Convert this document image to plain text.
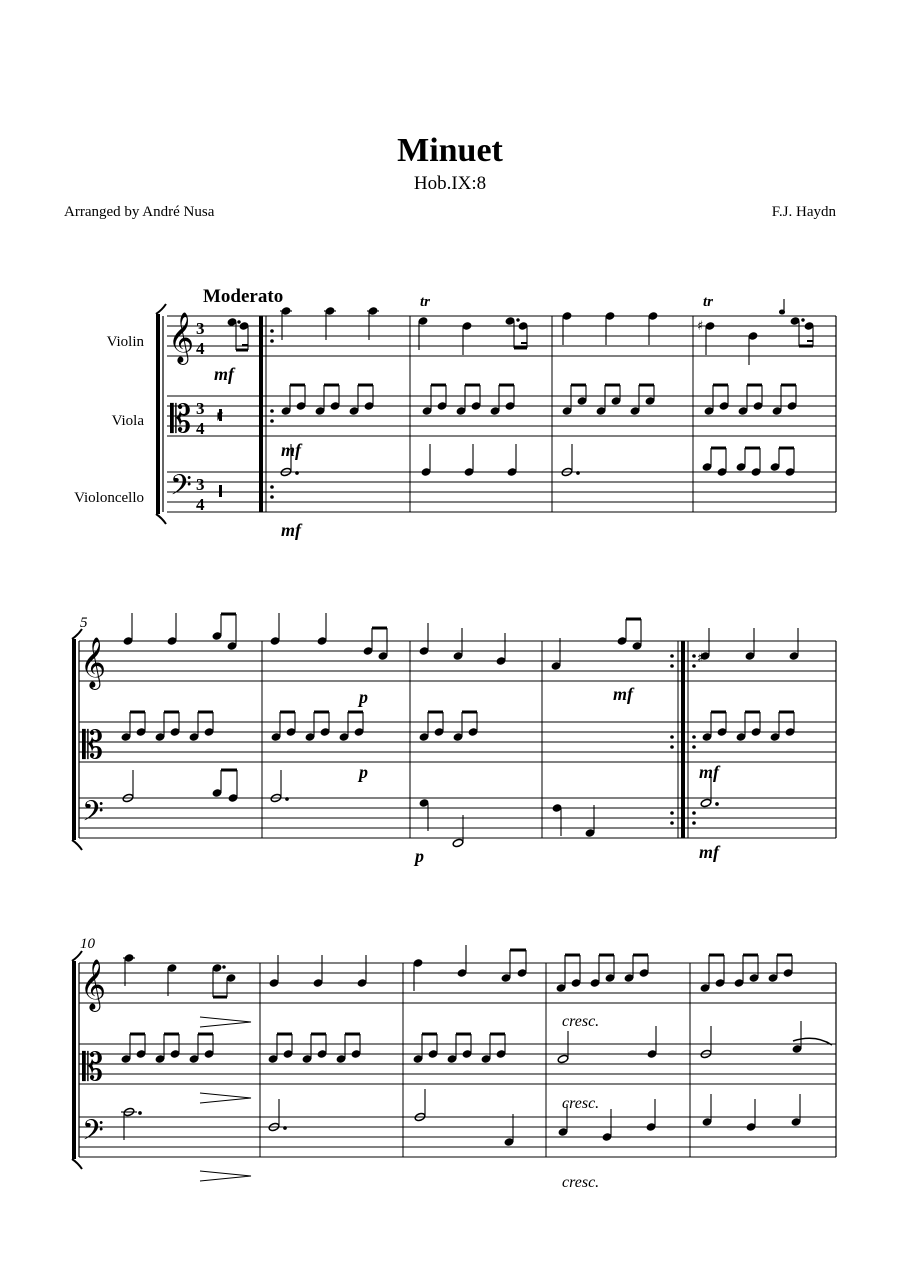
Minuet
Hob.IX:8
Arranged by André Nusa	F.J. Haydn
𝄞
𝄡
𝄢
3
4
3
4
3
4
Moderato
Violin
Viola
Violoncello
♯
tr	tr
mf
mf
mf
5
𝄞
𝄡
𝄢
p
mf
p
p
mf
mf
♯
10
𝄞
𝄡
𝄢
cresc.
cresc.
cresc.
